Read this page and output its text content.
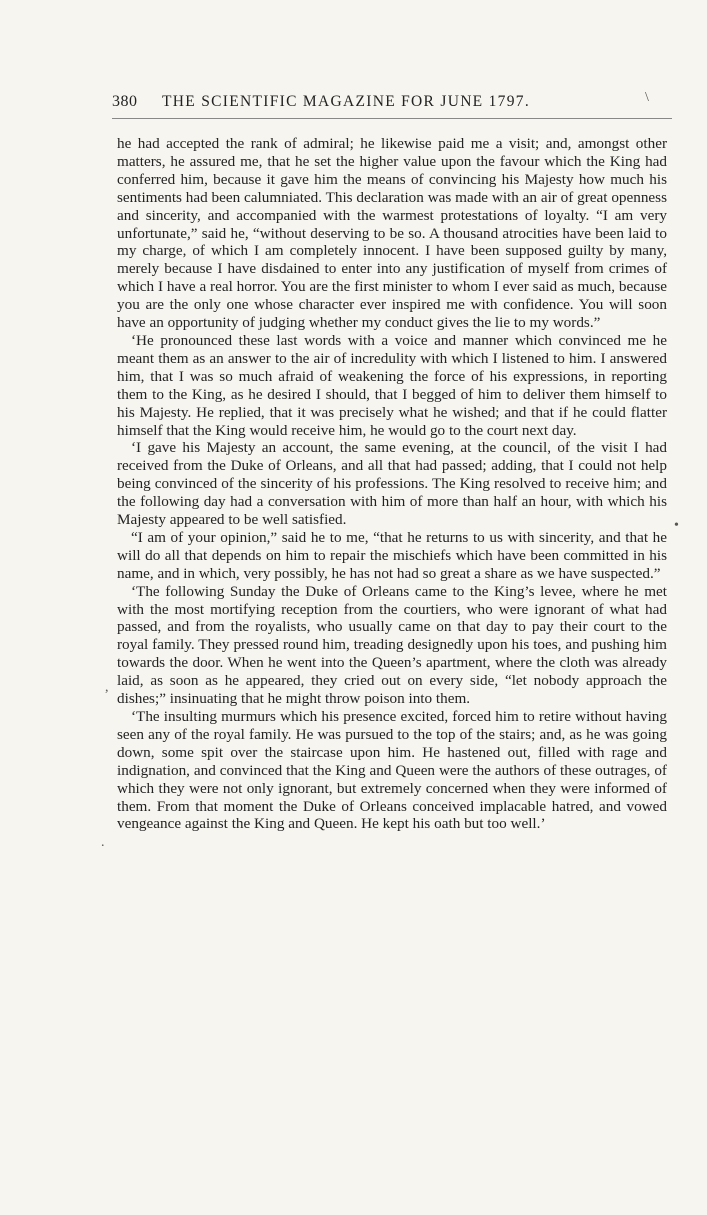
380 THE SCIENTIFIC MAGAZINE FOR JUNE 1797.	\
•
,
.

he had accepted the rank of admiral; he likewise paid me a visit; and, amongst other matters, he assured me, that he set the higher value upon the favour which the King had conferred him, because it gave him the means of convincing his Majesty how much his sentiments had been calumniated. This declaration was made with an air of great openness and sincerity, and accompanied with the warmest protestations of loyalty. “I am very unfortunate,” said he, “without deserving to be so. A thousand atrocities have been laid to my charge, of which I am completely innocent. I have been supposed guilty by many, merely because I have disdained to enter into any justification of myself from crimes of which I have a real horror. You are the first minister to whom I ever said as much, because you are the only one whose character ever inspired me with confidence. You will soon have an opportunity of judging whether my conduct gives the lie to my words.”

‘He pronounced these last words with a voice and manner which convinced me he meant them as an answer to the air of incredulity with which I listened to him. I answered him, that I was so much afraid of weakening the force of his expressions, in reporting them to the King, as he desired I should, that I begged of him to deliver them himself to his Majesty. He replied, that it was precisely what he wished; and that if he could flatter himself that the King would receive him, he would go to the court next day.

‘I gave his Majesty an account, the same evening, at the council, of the visit I had received from the Duke of Orleans, and all that had passed; adding, that I could not help being convinced of the sincerity of his professions. The King resolved to receive him; and the following day had a conversation with him of more than half an hour, with which his Majesty appeared to be well satisfied.

“I am of your opinion,” said he to me, “that he returns to us with sincerity, and that he will do all that depends on him to repair the mischiefs which have been committed in his name, and in which, very possibly, he has not had so great a share as we have suspected.”

‘The following Sunday the Duke of Orleans came to the King’s levee, where he met with the most mortifying reception from the courtiers, who were ignorant of what had passed, and from the royalists, who usually came on that day to pay their court to the royal family. They pressed round him, treading designedly upon his toes, and pushing him towards the door. When he went into the Queen’s apartment, where the cloth was already laid, as soon as he appeared, they cried out on every side, “let nobody approach the dishes;” insinuating that he might throw poison into them.

‘The insulting murmurs which his presence excited, forced him to retire without having seen any of the royal family. He was pursued to the top of the stairs; and, as he was going down, some spit over the staircase upon him. He hastened out, filled with rage and indignation, and convinced that the King and Queen were the authors of these outrages, of which they were not only ignorant, but extremely concerned when they were informed of them. From that moment the Duke of Orleans conceived implacable hatred, and vowed vengeance against the King and Queen. He kept his oath but too well.’
